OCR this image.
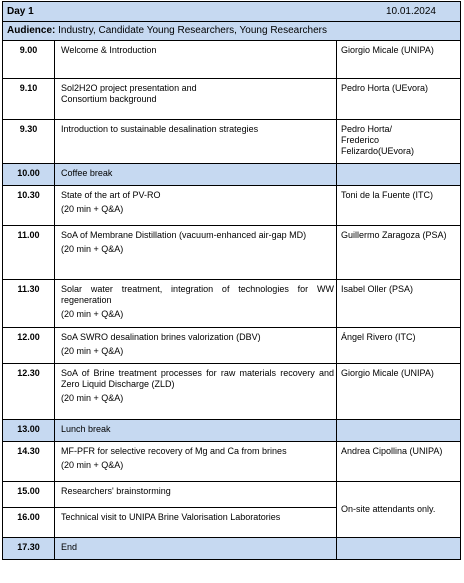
Day 1 10.01.2024		

Audience: Industry, Candidate Young Researchers, Young Researchers		
9.00	Welcome & Introduction	Giorgio Micale (UNIPA)
9.10	Sol2H2O project presentation and
Consortium background	Pedro Horta (UEvora)
9.30	Introduction to sustainable desalination strategies	Pedro Horta/
Frederico
Felizardo(UEvora)

10.00	Coffee break	
10.30	State of the art of PV-RO
(20 min + Q&A)	Toni de la Fuente (ITC)
11.00	SoA of Membrane Distillation (vacuum-enhanced air-gap MD)
(20 min + Q&A)	Guillermo Zaragoza (PSA)
11.30	Solar water treatment, integration of technologies for WW regeneration
(20 min + Q&A)	Isabel Oller (PSA)
12.00	SoA SWRO desalination brines valorization (DBV)
(20 min + Q&A)	Ángel Rivero (ITC)
12.30	SoA of Brine treatment processes for raw materials recovery and Zero Liquid Discharge (ZLD)
(20 min + Q&A)	Giorgio Micale (UNIPA)
13.00	Lunch break	
14.30	MF-PFR for selective recovery of Mg and Ca from brines
(20 min + Q&A)	Andrea Cipollina (UNIPA)
15.00	Researchers' brainstorming	On-site attendants only.
16.00	Technical visit to UNIPA Brine Valorisation Laboratories	
17.30	End	
